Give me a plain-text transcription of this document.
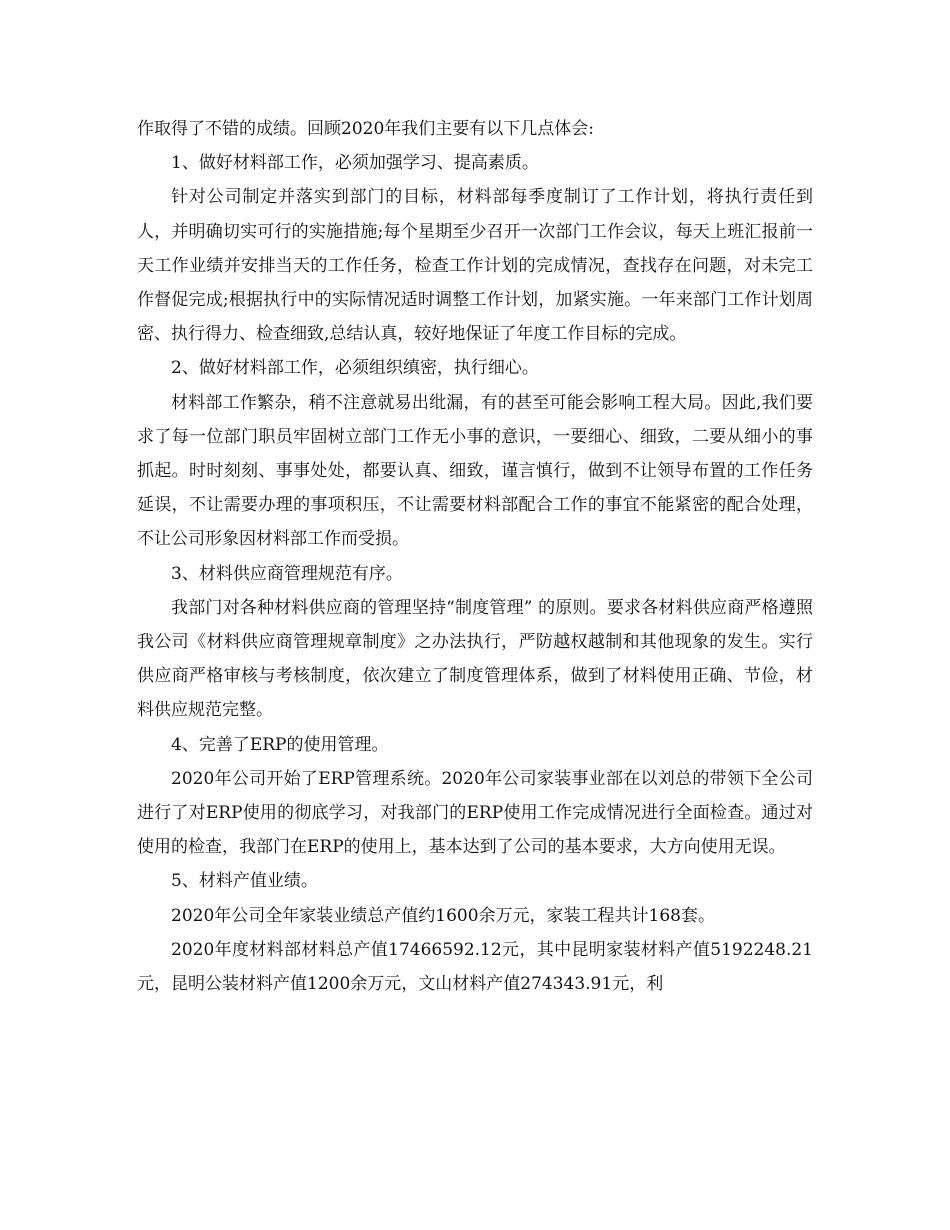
作取得了不错的成绩。回顾2020年我们主要有以下几点体会:

1、做好材料部工作，必须加强学习、提高素质。

针对公司制定并落实到部门的目标，材料部每季度制订了工作计划，将执行责任到人，并明确切实可行的实施措施;每个星期至少召开一次部门工作会议，每天上班汇报前一天工作业绩并安排当天的工作任务，检查工作计划的完成情况，查找存在问题，对未完工作督促完成;根据执行中的实际情况适时调整工作计划，加紧实施。一年来部门工作计划周密、执行得力、检查细致,总结认真，较好地保证了年度工作目标的完成。

2、做好材料部工作，必须组织缜密，执行细心。

材料部工作繁杂，稍不注意就易出纰漏，有的甚至可能会影响工程大局。因此,我们要求了每一位部门职员牢固树立部门工作无小事的意识，一要细心、细致，二要从细小的事抓起。时时刻刻、事事处处，都要认真、细致，谨言慎行，做到不让领导布置的工作任务延误，不让需要办理的事项积压，不让需要材料部配合工作的事宜不能紧密的配合处理，不让公司形象因材料部工作而受损。

3、材料供应商管理规范有序。

我部门对各种材料供应商的管理坚持“制度管理” 的原则。要求各材料供应商严格遵照我公司《材料供应商管理规章制度》之办法执行，严防越权越制和其他现象的发生。实行供应商严格审核与考核制度，依次建立了制度管理体系，做到了材料使用正确、节俭，材料供应规范完整。

4、完善了ERP的使用管理。

2020年公司开始了ERP管理系统。2020年公司家装事业部在以刘总的带领下全公司进行了对ERP使用的彻底学习，对我部门的ERP使用工作完成情况进行全面检查。通过对使用的检查，我部门在ERP的使用上，基本达到了公司的基本要求，大方向使用无误。

5、材料产值业绩。

2020年公司全年家装业绩总产值约1600余万元，家装工程共计168套。

2020年度材料部材料总产值17466592.12元，其中昆明家装材料产值5192248.21元，昆明公装材料产值1200余万元，文山材料产值274343.91元，利
